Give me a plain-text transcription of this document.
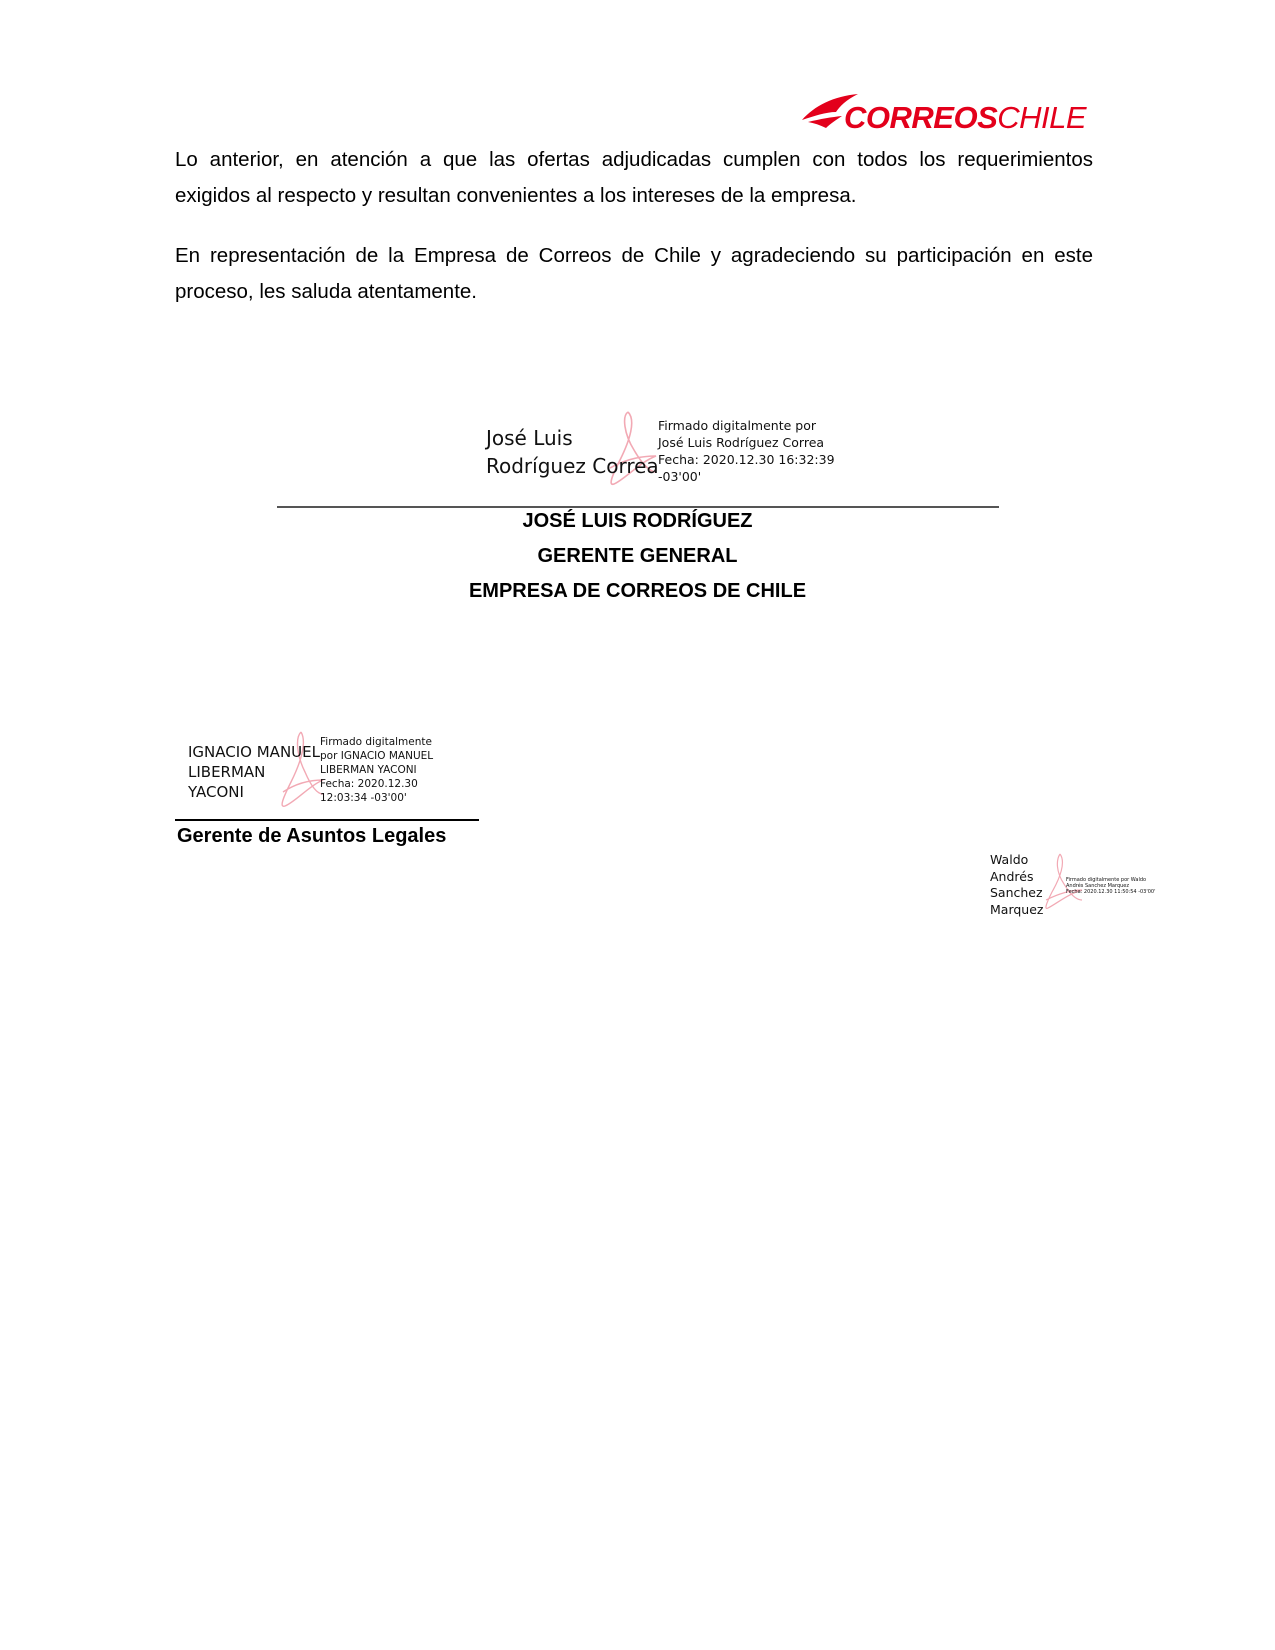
CORREOSCHILE

Lo anterior, en atención a que las ofertas adjudicadas cumplen con todos los requerimientos exigidos al respecto y resultan convenientes a los intereses de la empresa.

En representación de la Empresa de Correos de Chile y agradeciendo su participación en este proceso, les saluda atentamente.

José Luis
Rodríguez Correa
Firmado digitalmente por
José Luis Rodríguez Correa
Fecha: 2020.12.30 16:32:39
-03'00'
JOSÉ LUIS RODRÍGUEZ
GERENTE GENERAL
EMPRESA DE CORREOS DE CHILE
IGNACIO MANUEL
LIBERMAN
YACONI
Firmado digitalmente
por IGNACIO MANUEL
LIBERMAN YACONI
Fecha: 2020.12.30
12:03:34 -03'00'
Gerente de Asuntos Legales
Waldo
Andrés
Sanchez
Marquez
Firmado digitalmente por Waldo
Andrés Sanchez Marquez
Fecha: 2020.12.30 11:50:54 -03'00'
